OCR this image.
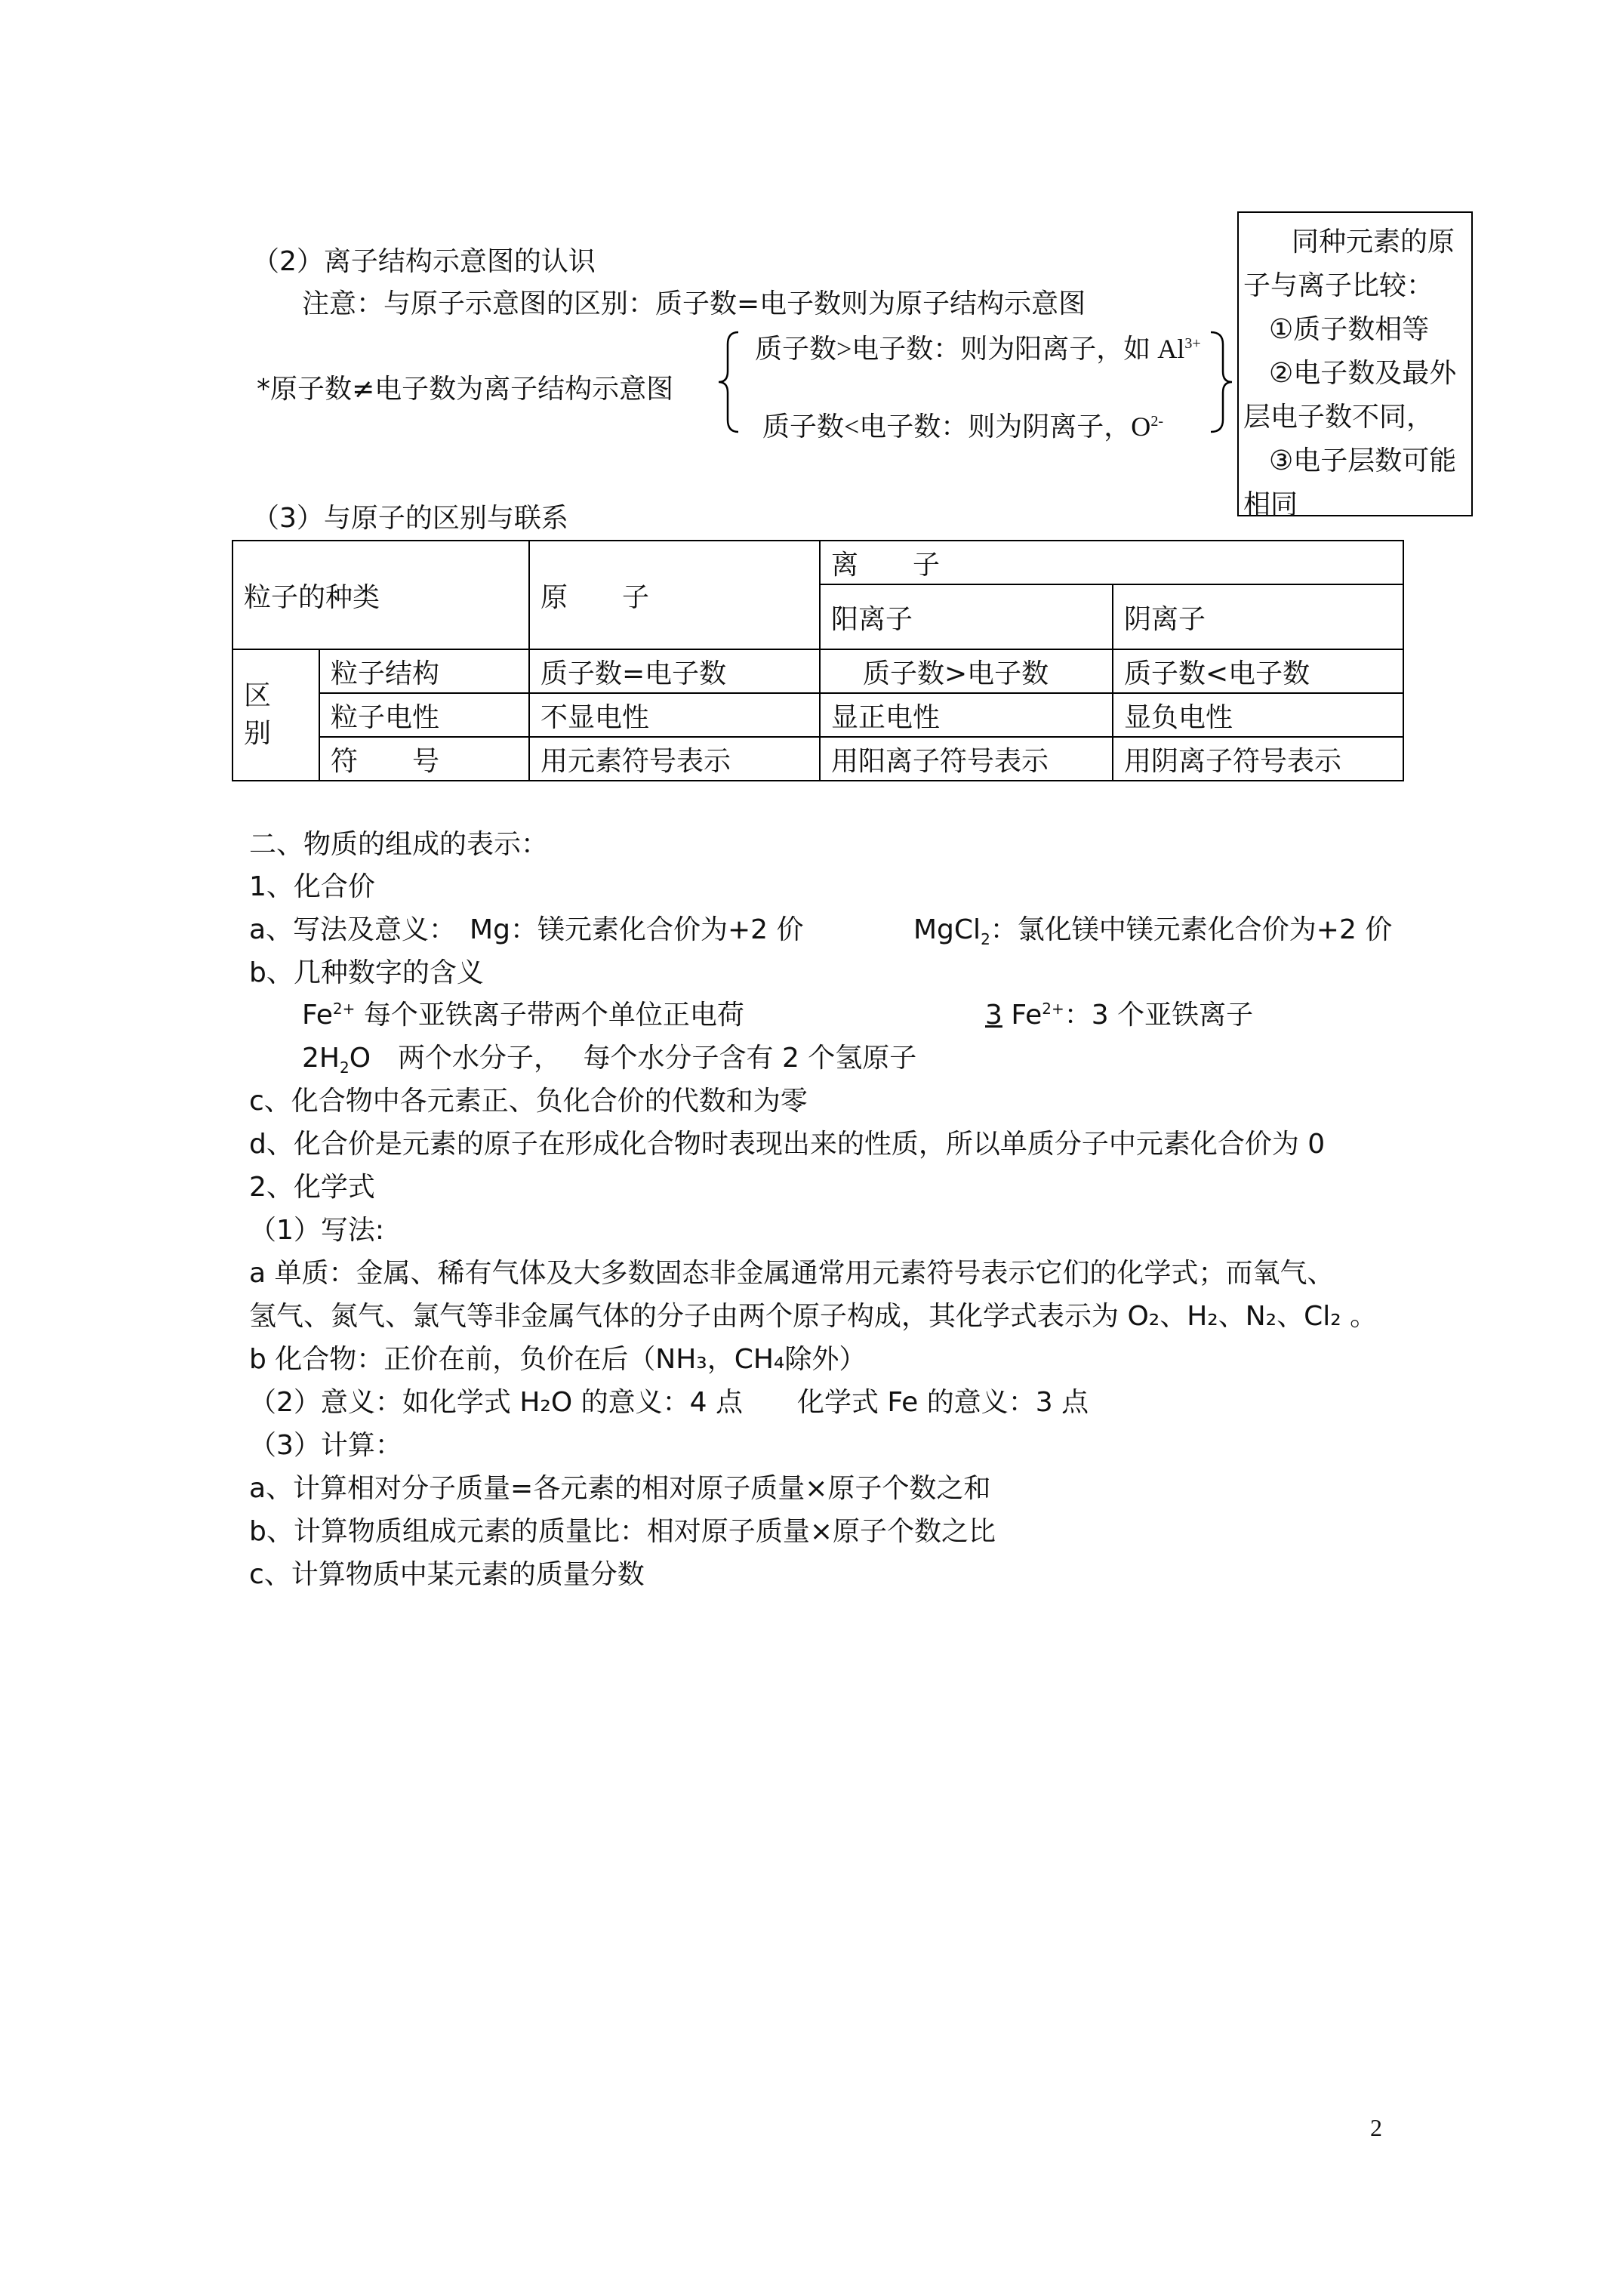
（2）离子结构示意图的认识
注意：与原子示意图的区别：质子数=电子数则为原子结构示意图
*原子数≠电子数为离子结构示意图
质子数>电子数：则为阳离子，如 $Al^{3+}$
质子数<电子数：则为阴离子，$O^{2-}$
同种元素的原
子与离子比较：
①质子数相等
②电子数及最外
层电子数不同，
③电子层数可能
相同
（3）与原子的区别与联系
粒子的种类		原　　子	离　　子	
			阳离子	阴离子
区
别	粒子结构	质子数=电子数	质子数>电子数	质子数<电子数
	粒子电性	不显电性	显正电性	显负电性
	符　　号	用元素符号表示	用阳离子符号表示	用阴离子符号表示
二、物质的组成的表示：
1、化合价
a、写法及意义：　Mg：镁元素化合价为+2 价	MgCl$_2$：氯化镁中镁元素化合价为+2 价
b、几种数字的含义
$Fe^{2+}$ 每个亚铁离子带两个单位正电荷	3 $Fe^{2+}$：3 个亚铁离子
$2H_2O$　两个水分子，　 每个水分子含有 2 个氢原子
c、化合物中各元素正、负化合价的代数和为零
d、化合价是元素的原子在形成化合物时表现出来的性质，所以单质分子中元素化合价为 0
2、化学式
（1）写法:
a 单质：金属、稀有气体及大多数固态非金属通常用元素符号表示它们的化学式；而氧气、
氢气、氮气、氯气等非金属气体的分子由两个原子构成，其化学式表示为 O₂、H₂、N₂、Cl₂ 。
b 化合物：正价在前，负价在后（NH₃，CH₄除外）
（2）意义：如化学式 H₂O 的意义：4 点　　化学式 Fe 的意义：3 点
（3）计算：
a、计算相对分子质量=各元素的相对原子质量×原子个数之和
b、计算物质组成元素的质量比：相对原子质量×原子个数之比
c、计算物质中某元素的质量分数
2
